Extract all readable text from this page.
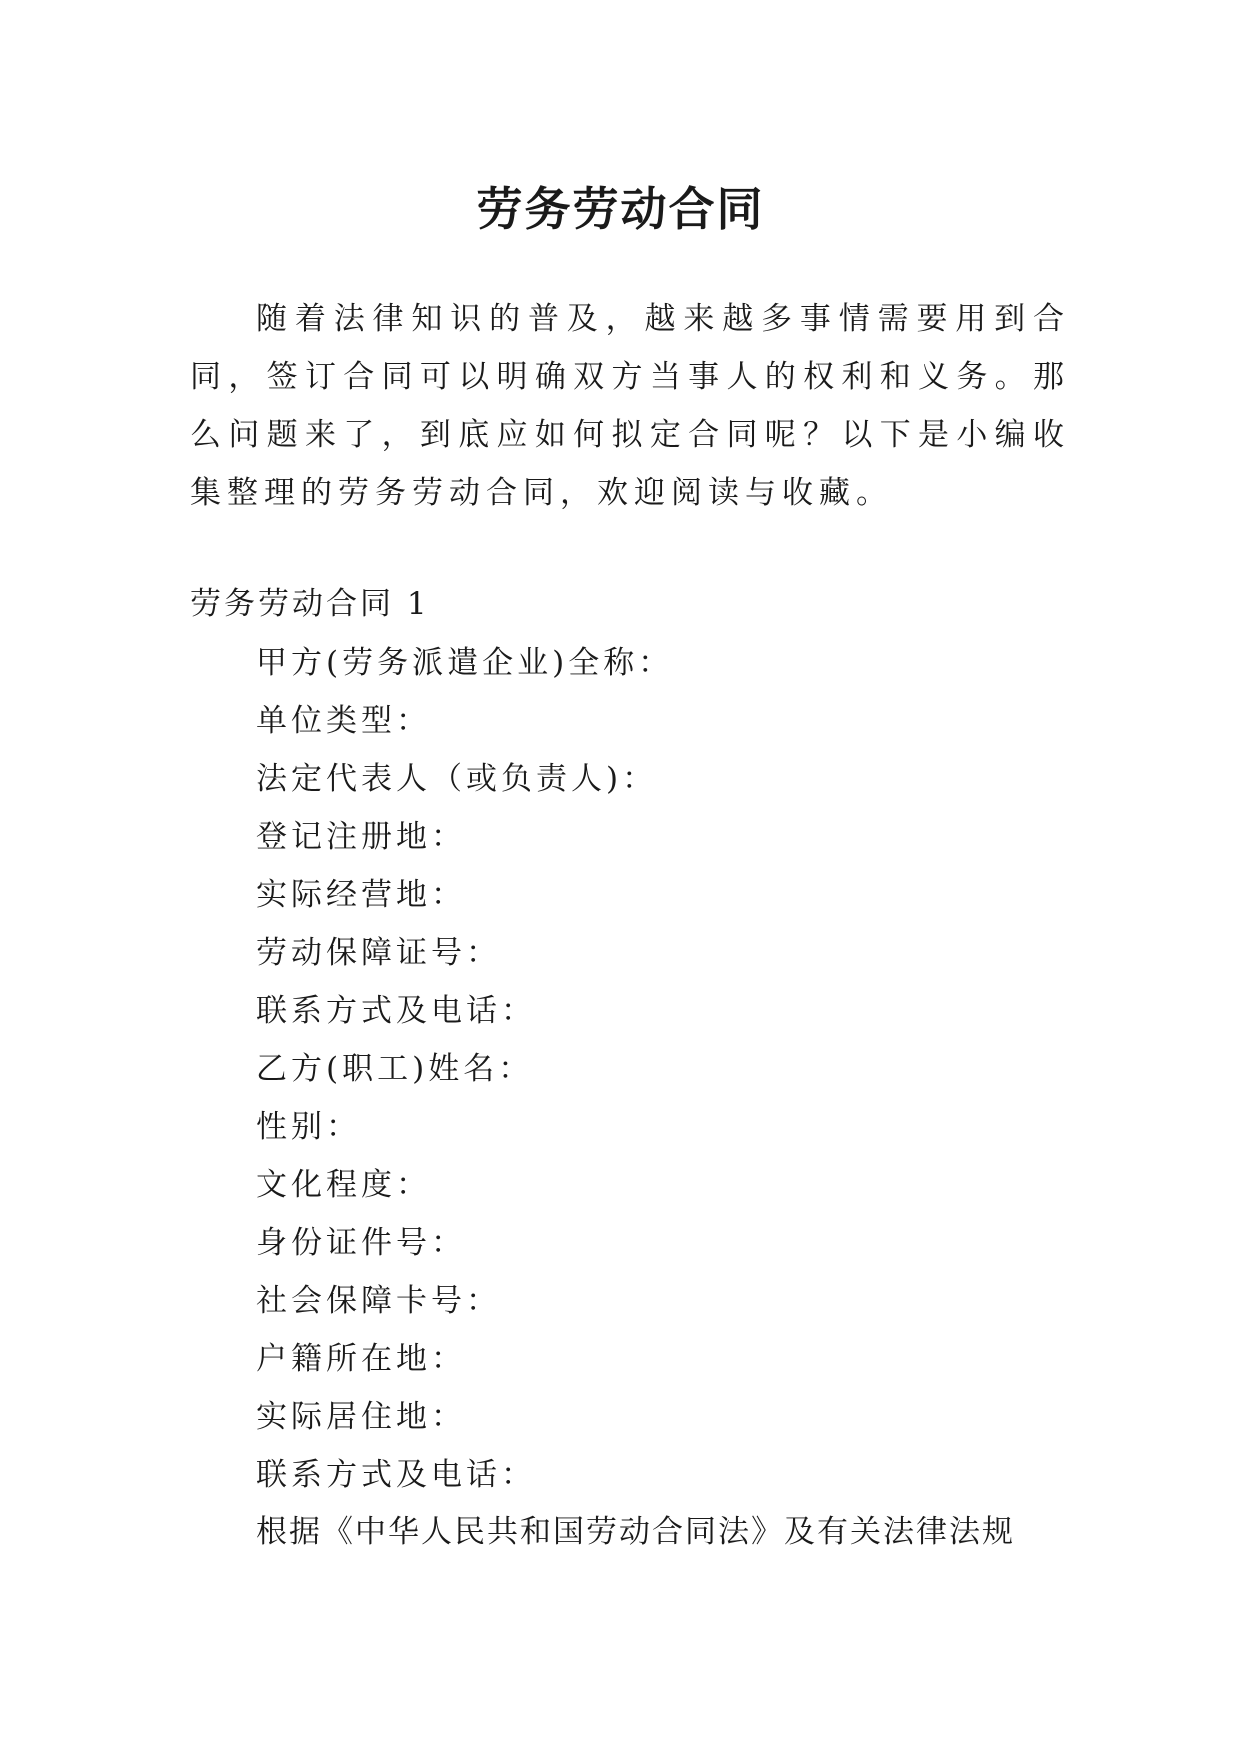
劳务劳动合同

随着法律知识的普及，越来越多事情需要用到合同，签订合同可以明确双方当事人的权利和义务。那么问题来了，到底应如何拟定合同呢？以下是小编收集整理的劳务劳动合同，欢迎阅读与收藏。

劳务劳动合同 1

甲方(劳务派遣企业)全称：
单位类型：
法定代表人（或负责人)：
登记注册地：
实际经营地：
劳动保障证号：
联系方式及电话：
乙方(职工)姓名：
性别：
文化程度：
身份证件号：
社会保障卡号：
户籍所在地：
实际居住地：
联系方式及电话：

根据《中华人民共和国劳动合同法》及有关法律法规
